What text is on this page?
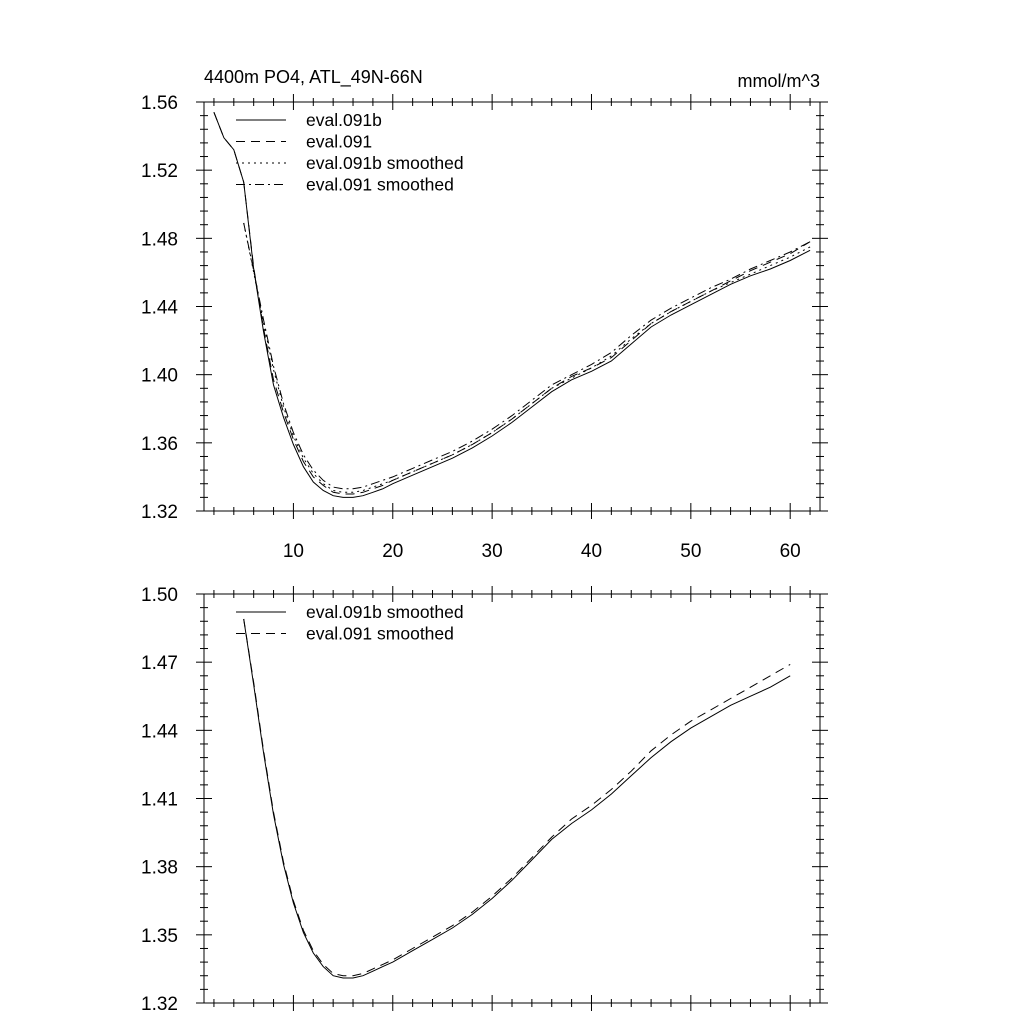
4400m PO4, ATL_49N-66N	mmol/m^3
1.32
1.36
1.40
1.44
1.48
1.52
1.56
10	20	30	40	50	60
eval.091b
eval.091
eval.091b smoothed
eval.091 smoothed
1.32
1.35
1.38
1.41
1.44
1.47
1.50
eval.091b smoothed
eval.091 smoothed
